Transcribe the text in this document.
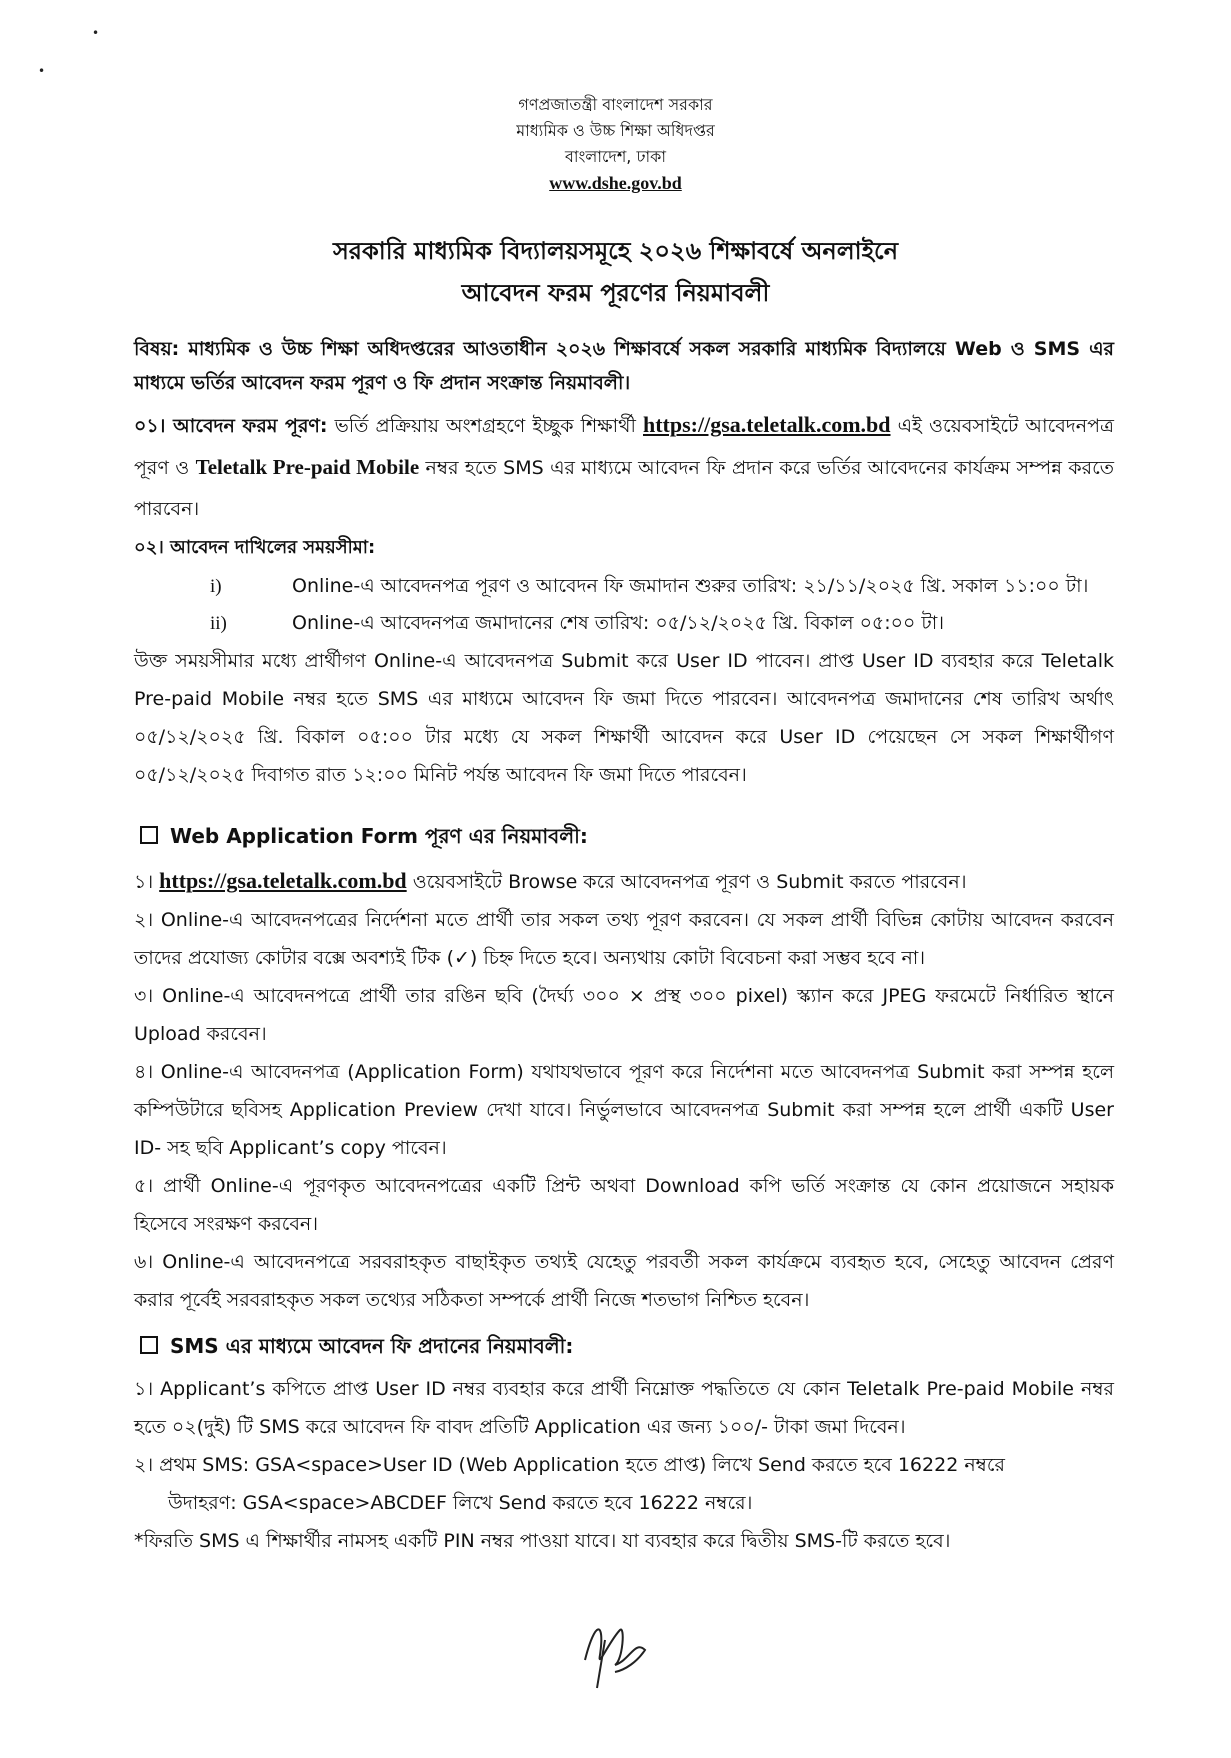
•
•
গণপ্রজাতন্ত্রী বাংলাদেশ সরকার
মাধ্যমিক ও উচ্চ শিক্ষা অধিদপ্তর
বাংলাদেশ, ঢাকা
www.dshe.gov.bd
সরকারি মাধ্যমিক বিদ্যালয়সমূহে ২০২৬ শিক্ষাবর্ষে অনলাইনে
আবেদন ফরম পূরণের নিয়মাবলী
বিষয়: মাধ্যমিক ও উচ্চ শিক্ষা অধিদপ্তরের আওতাধীন ২০২৬ শিক্ষাবর্ষে সকল সরকারি মাধ্যমিক বিদ্যালয়ে Web ও SMS এর মাধ্যমে ভর্তির আবেদন ফরম পূরণ ও ফি প্রদান সংক্রান্ত নিয়মাবলী।
০১। আবেদন ফরম পূরণ: ভর্তি প্রক্রিয়ায় অংশগ্রহণে ইচ্ছুক শিক্ষার্থী https://gsa.teletalk.com.bd এই ওয়েবসাইটে আবেদনপত্র পূরণ ও Teletalk Pre-paid Mobile নম্বর হতে SMS এর মাধ্যমে আবেদন ফি প্রদান করে ভর্তির আবেদনের কার্যক্রম সম্পন্ন করতে পারবেন।
০২। আবেদন দাখিলের সময়সীমা:
i)	Online-এ আবেদনপত্র পূরণ ও আবেদন ফি জমাদান শুরুর তারিখ: ২১/১১/২০২৫ খ্রি. সকাল ১১:০০ টা।
ii)	Online-এ আবেদনপত্র জমাদানের শেষ তারিখ: ০৫/১২/২০২৫ খ্রি. বিকাল ০৫:০০ টা।
উক্ত সময়সীমার মধ্যে প্রার্থীগণ Online-এ আবেদনপত্র Submit করে User ID পাবেন। প্রাপ্ত User ID ব্যবহার করে Teletalk Pre-paid Mobile নম্বর হতে SMS এর মাধ্যমে আবেদন ফি জমা দিতে পারবেন। আবেদনপত্র জমাদানের শেষ তারিখ অর্থাৎ ০৫/১২/২০২৫ খ্রি. বিকাল ০৫:০০ টার মধ্যে যে সকল শিক্ষার্থী আবেদন করে User ID পেয়েছেন সে সকল শিক্ষার্থীগণ ০৫/১২/২০২৫ দিবাগত রাত ১২:০০ মিনিট পর্যন্ত আবেদন ফি জমা দিতে পারবেন।
Web Application Form পূরণ এর নিয়মাবলী:
১। https://gsa.teletalk.com.bd ওয়েবসাইটে Browse করে আবেদনপত্র পূরণ ও Submit করতে পারবেন।
২। Online-এ আবেদনপত্রের নির্দেশনা মতে প্রার্থী তার সকল তথ্য পূরণ করবেন। যে সকল প্রার্থী বিভিন্ন কোটায় আবেদন করবেন তাদের প্রযোজ্য কোটার বক্সে অবশ্যই টিক (✓) চিহ্ন দিতে হবে। অন্যথায় কোটা বিবেচনা করা সম্ভব হবে না।
৩। Online-এ আবেদনপত্রে প্রার্থী তার রঙিন ছবি (দৈর্ঘ্য ৩০০ × প্রস্থ ৩০০ pixel) স্ক্যান করে JPEG ফরমেটে নির্ধারিত স্থানে Upload করবেন।
৪। Online-এ আবেদনপত্র (Application Form) যথাযথভাবে পূরণ করে নির্দেশনা মতে আবেদনপত্র Submit করা সম্পন্ন হলে কম্পিউটারে ছবিসহ Application Preview দেখা যাবে। নির্ভুলভাবে আবেদনপত্র Submit করা সম্পন্ন হলে প্রার্থী একটি User ID- সহ ছবি Applicant’s copy পাবেন।
৫। প্রার্থী Online-এ পূরণকৃত আবেদনপত্রের একটি প্রিন্ট অথবা Download কপি ভর্তি সংক্রান্ত যে কোন প্রয়োজনে সহায়ক হিসেবে সংরক্ষণ করবেন।
৬। Online-এ আবেদনপত্রে সরবরাহকৃত বাছাইকৃত তথ্যই যেহেতু পরবর্তী সকল কার্যক্রমে ব্যবহৃত হবে, সেহেতু আবেদন প্রেরণ করার পূর্বেই সরবরাহকৃত সকল তথ্যের সঠিকতা সম্পর্কে প্রার্থী নিজে শতভাগ নিশ্চিত হবেন।
SMS এর মাধ্যমে আবেদন ফি প্রদানের নিয়মাবলী:
১। Applicant’s কপিতে প্রাপ্ত User ID নম্বর ব্যবহার করে প্রার্থী নিম্নোক্ত পদ্ধতিতে যে কোন Teletalk Pre-paid Mobile নম্বর হতে ০২(দুই) টি SMS করে আবেদন ফি বাবদ প্রতিটি Application এর জন্য ১০০/- টাকা জমা দিবেন।
২। প্রথম SMS: GSA<space>User ID (Web Application হতে প্রাপ্ত) লিখে Send করতে হবে 16222 নম্বরে
উদাহরণ: GSA<space>ABCDEF লিখে Send করতে হবে 16222 নম্বরে।
*ফিরতি SMS এ শিক্ষার্থীর নামসহ একটি PIN নম্বর পাওয়া যাবে। যা ব্যবহার করে দ্বিতীয় SMS-টি করতে হবে।
